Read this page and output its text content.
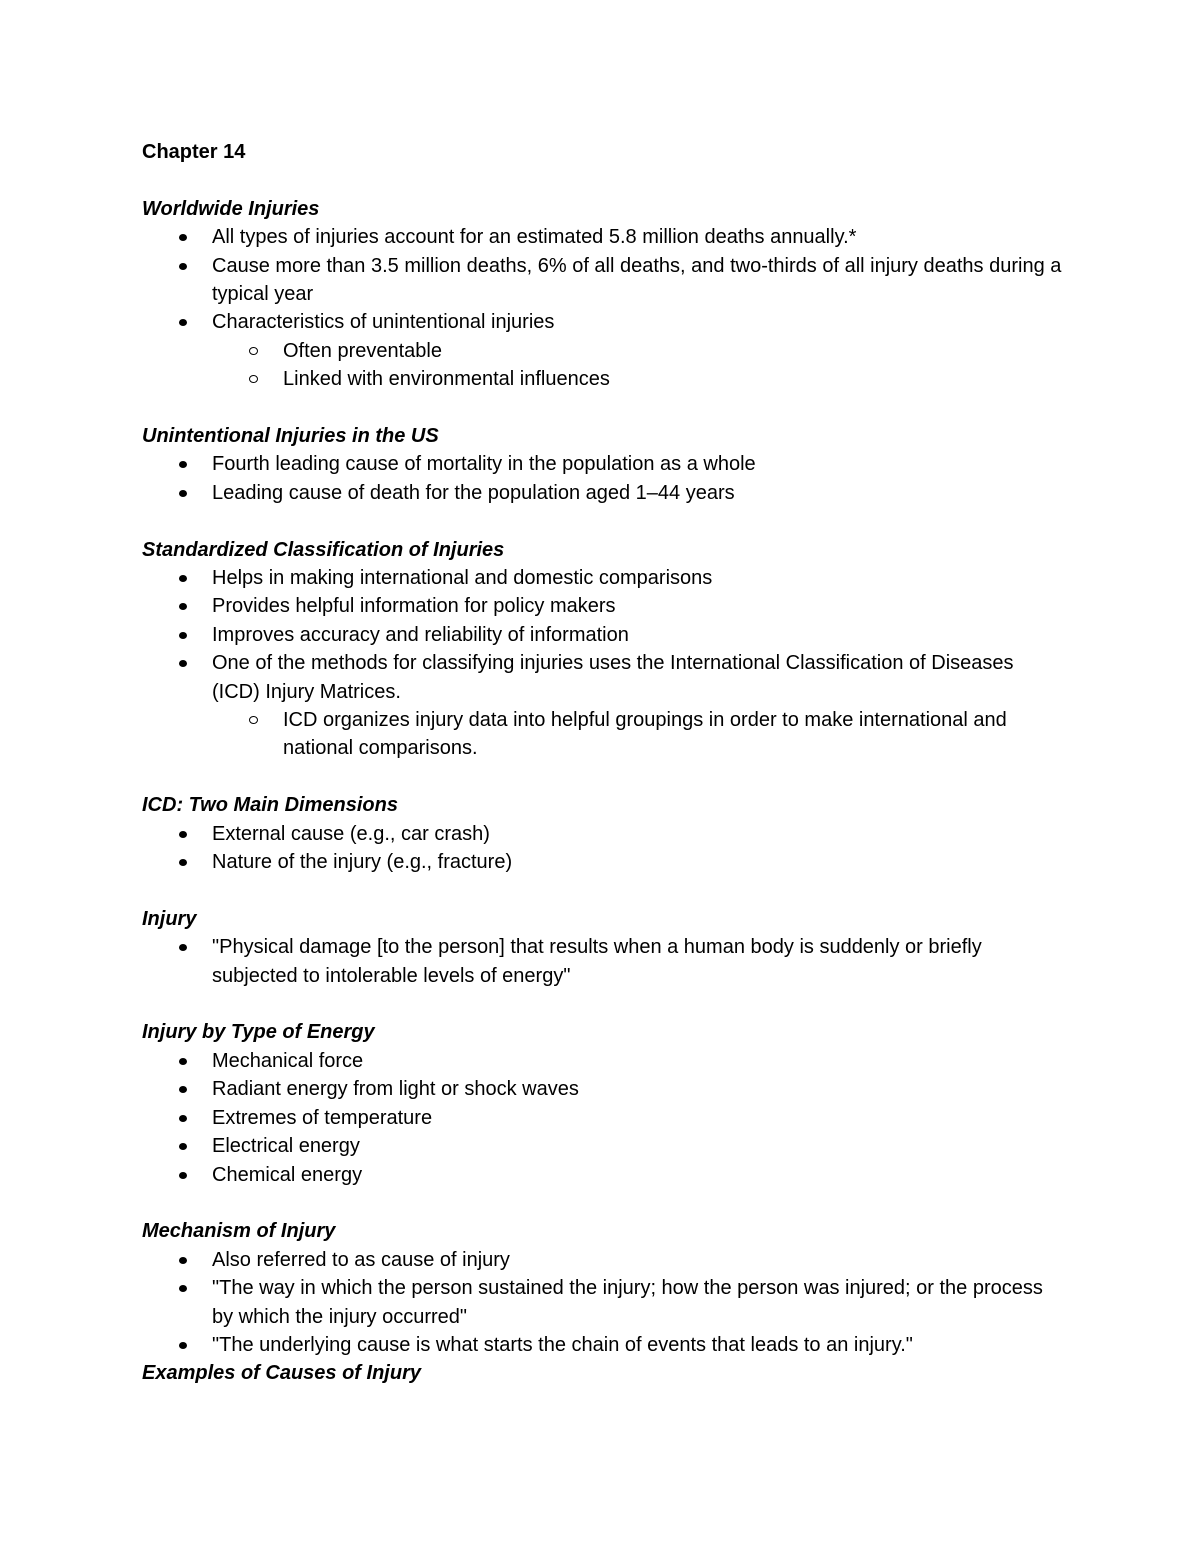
Chapter 14
Worldwide Injuries
All types of injuries account for an estimated 5.8 million deaths annually.*
Cause more than 3.5 million deaths, 6% of all deaths, and two-thirds of all injury deaths during a typical year
Characteristics of unintentional injuries
Often preventable
Linked with environmental influences
Unintentional Injuries in the US
Fourth leading cause of mortality in the population as a whole
Leading cause of death for the population aged 1–44 years
Standardized Classification of Injuries
Helps in making international and domestic comparisons
Provides helpful information for policy makers
Improves accuracy and reliability of information
One of the methods for classifying injuries uses the International Classification of Diseases (ICD) Injury Matrices.
ICD organizes injury data into helpful groupings in order to make international and national comparisons.
ICD: Two Main Dimensions
External cause (e.g., car crash)
Nature of the injury (e.g., fracture)
Injury
"Physical damage [to the person] that results when a human body is suddenly or briefly subjected to intolerable levels of energy"
Injury by Type of Energy
Mechanical force
Radiant energy from light or shock waves
Extremes of temperature
Electrical energy
Chemical energy
Mechanism of Injury
Also referred to as cause of injury
"The way in which the person sustained the injury; how the person was injured; or the process by which the injury occurred"
"The underlying cause is what starts the chain of events that leads to an injury."
Examples of Causes of Injury
